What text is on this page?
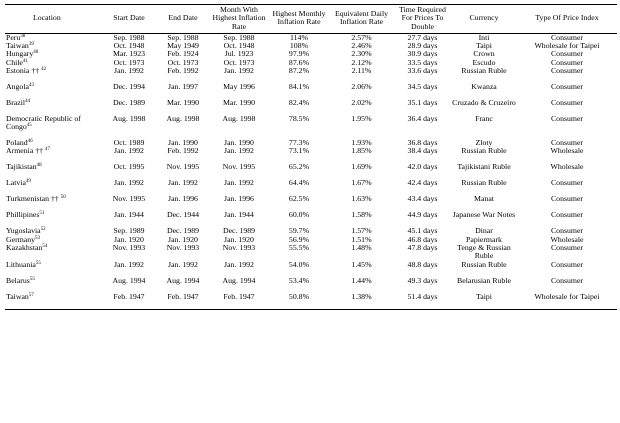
Location	Start Date	End Date	Month With Highest Inflation Rate	Highest Monthly Inflation Rate	Equivalent Daily Inflation Rate	Time Required For Prices To Double	Currency	Type Of Price Index
Peru$^{38}$	Sep. 1988	Sep. 1988	Sep. 1988	114%	2.57%	27.7 days	Inti	Consumer
Taiwan$^{39}$	Oct. 1948	May 1949	Oct. 1948	108%	2.46%	28.9 days	Taipi	Wholesale for Taipei
Hungary$^{40}$	Mar. 1923	Feb. 1924	Jul. 1923	97.9%	2.30%	30.9 days	Crown	Consumer
Chile$^{41}$	Oct. 1973	Oct. 1973	Oct. 1973	87.6%	2.12%	33.5 days	Escudo	Consumer
Estonia †† $^{42}$	Jan. 1992	Feb. 1992	Jan. 1992	87.2%	2.11%	33.6 days	Russian Ruble	Consumer
Angola$^{43}$	Dec. 1994	Jan. 1997	May 1996	84.1%	2.06%	34.5 days	Kwanza	Consumer
Brazil$^{44}$	Dec. 1989	Mar. 1990	Mar. 1990	82.4%	2.02%	35.1 days	Cruzado & Cruzeiro	Consumer
Democratic Republic of Congo$^{45}$	Aug. 1998	Aug. 1998	Aug. 1998	78.5%	1.95%	36.4 days	Franc	Consumer
Poland$^{46}$	Oct. 1989	Jan. 1990	Jan. 1990	77.3%	1.93%	36.8 days	Zloty	Consumer
Armenia †† $^{47}$	Jan. 1992	Feb. 1992	Jan. 1992	73.1%	1.85%	38.4 days	Russian Ruble	Wholesale
Tajikistan$^{48}$	Oct. 1995	Nov. 1995	Nov. 1995	65.2%	1.69%	42.0 days	Tajikistani Ruble	Wholesale
Latvia$^{49}$	Jan. 1992	Jan. 1992	Jan. 1992	64.4%	1.67%	42.4 days	Russian Ruble	Consumer
Turkmenistan †† $^{50}$	Nov. 1995	Jan. 1996	Jan. 1996	62.5%	1.63%	43.4 days	Manat	Consumer
Phillipines$^{51}$	Jan. 1944	Dec. 1944	Jan. 1944	60.0%	1.58%	44.9 days	Japanese War Notes	Consumer
Yugoslavia$^{52}$	Sep. 1989	Dec. 1989	Dec. 1989	59.7%	1.57%	45.1 days	Dinar	Consumer
Germany$^{53}$	Jan. 1920	Jan. 1920	Jan. 1920	56.9%	1.51%	46.8 days	Papiermark	Wholesale
Kazakhstan$^{54}$	Nov. 1993	Nov. 1993	Nov. 1993	55.5%	1.48%	47.8 days	Tenge & Russian Ruble	Consumer
Lithuania$^{55}$	Jan. 1992	Jan. 1992	Jan. 1992	54.0%	1.45%	48.8 days	Russian Ruble	Consumer
Belarus$^{55}$	Aug. 1994	Aug. 1994	Aug. 1994	53.4%	1.44%	49.3 days	Belarusian Ruble	Consumer
Taiwan$^{57}$	Feb. 1947	Feb. 1947	Feb. 1947	50.8%	1.38%	51.4 days	Taipi	Wholesale for Taipei
